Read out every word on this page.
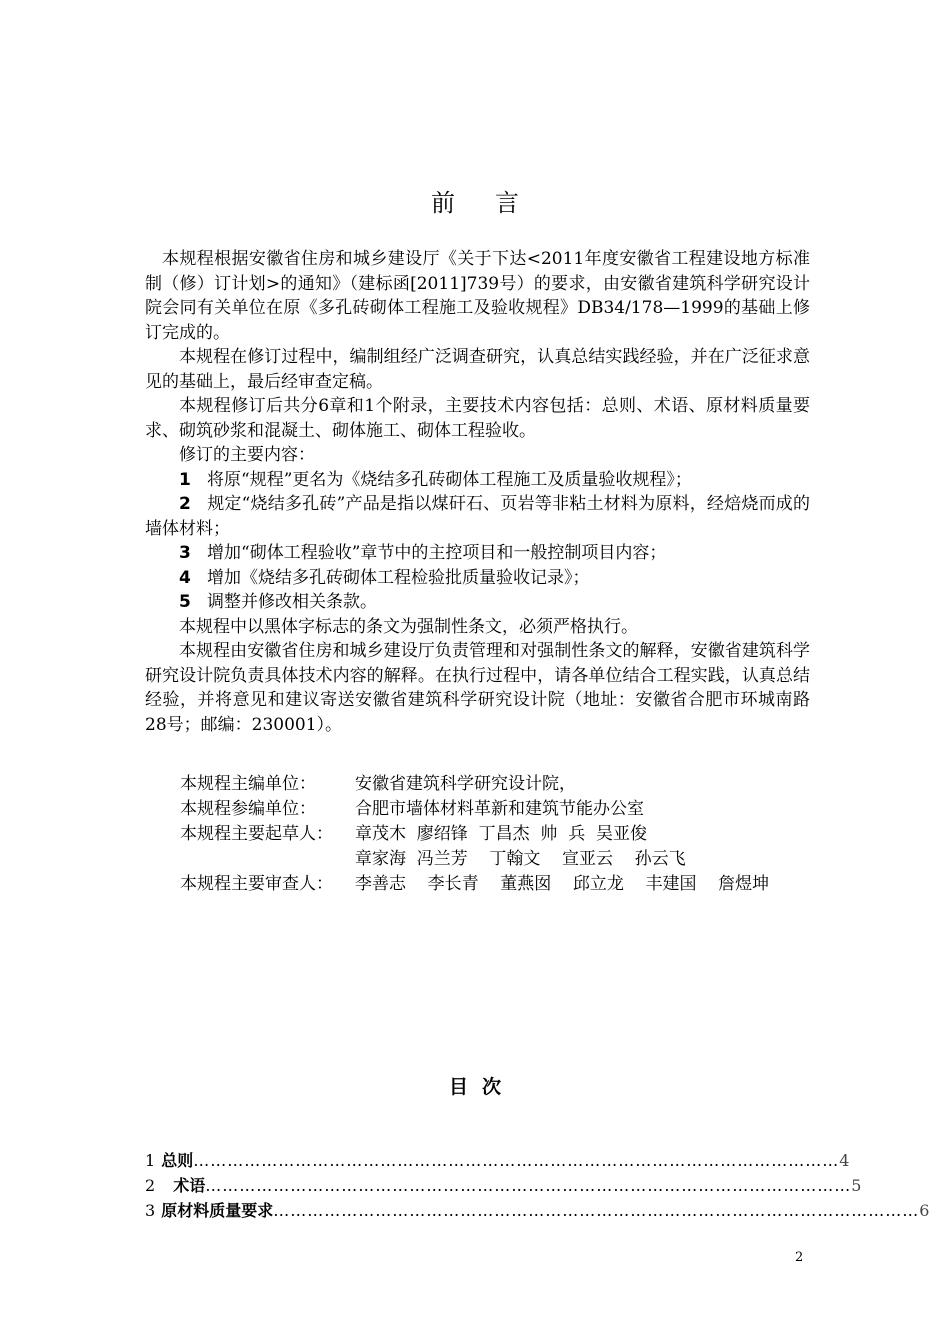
前言

本规程根据安徽省住房和城乡建设厅《关于下达<2011年度安徽省工程建设地方标准制（修）订计划>的通知》（建标函[2011]739号）的要求，由安徽省建筑科学研究设计院会同有关单位在原《多孔砖砌体工程施工及验收规程》DB34/178—1999的基础上修订完成的。

本规程在修订过程中，编制组经广泛调查研究，认真总结实践经验，并在广泛征求意见的基础上，最后经审查定稿。

本规程修订后共分6章和1个附录，主要技术内容包括：总则、术语、原材料质量要求、砌筑砂浆和混凝土、砌体施工、砌体工程验收。

修订的主要内容：

1 将原“规程”更名为《烧结多孔砖砌体工程施工及质量验收规程》；

2 规定“烧结多孔砖”产品是指以煤矸石、页岩等非粘土材料为原料，经焙烧而成的墙体材料；

3 增加“砌体工程验收”章节中的主控项目和一般控制项目内容；

4 增加《烧结多孔砖砌体工程检验批质量验收记录》；

5 调整并修改相关条款。

本规程中以黑体字标志的条文为强制性条文，必须严格执行。

本规程由安徽省住房和城乡建设厅负责管理和对强制性条文的解释，安徽省建筑科学研究设计院负责具体技术内容的解释。在执行过程中，请各单位结合工程实践，认真总结经验，并将意见和建议寄送安徽省建筑科学研究设计院（地址：安徽省合肥市环城南路28号；邮编：230001）。

本规程主编单位：	安徽省建筑科学研究设计院，
本规程参编单位：	合肥市墙体材料革新和建筑节能办公室
本规程主要起草人：	章茂木  廖绍锋  丁昌杰  帅  兵  吴亚俊
章家海  冯兰芳    丁翰文    宣亚云    孙云飞
本规程主要审查人：	李善志    李长青    董燕囡    邱立龙    丰建国    詹煜坤
目次
1 总则 …………………………………………………………………………………………………… 4
2 术语 …………………………………………………………………………………………………… 5
3 原材料质量要求 …………………………………………………………………………………………………… 6
2
